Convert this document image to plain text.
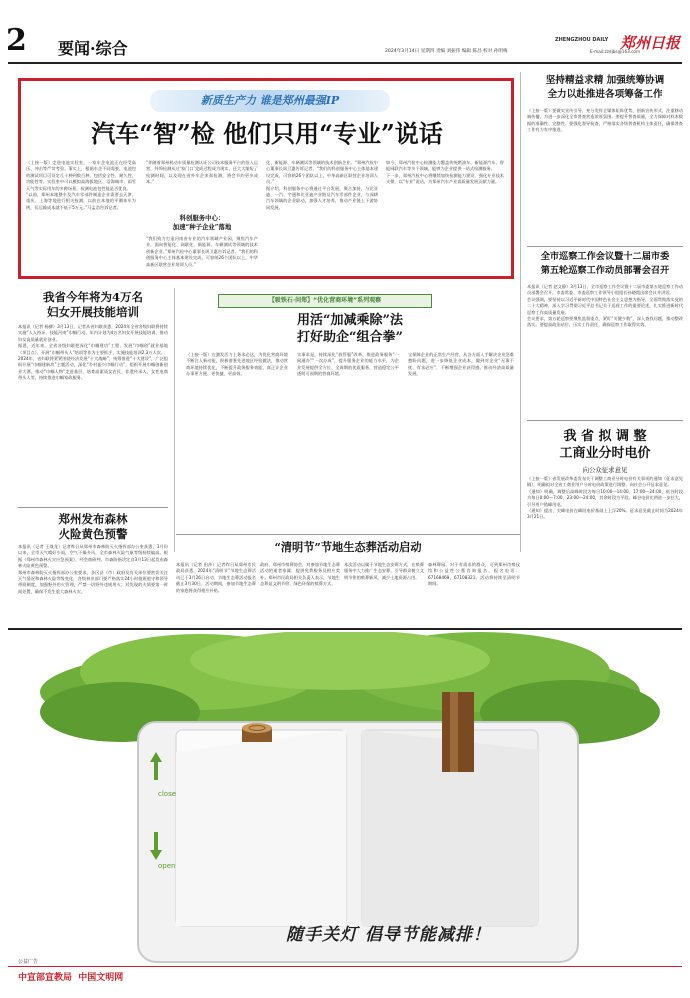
2 要闻·综合	2024年3月14日 星期四 责编 刘振伟 编辑 陈昌 校对 孙明梅
ZHENGZHOU DAILY 郑州日报
E-mail:zzdjbs@163.com
新质生产力 谁是郑州最强IP
汽车“智”检 他们只用“专业”说话
（上接一版）走进电池实验室，一家车企电池正在经受高压、冲击等严苛考验。事实上，根据车企不同需要，电池包的测试项目可设定几十种到数百种，包括安全性、耐久性、功能性等。实验室中可以模拟高海拔地区、沿海城市、雨雪天气等实际用车的多种场景，检测电池包性能是否优良。
“以前，郑州本地整车及汽车零部件制造企业需要去天津、重庆、上海等地进行相关检测，以前在本地的平潮来车为例，仅运输成本就不低于5万元。”马孟浩告诉记者。
“伴随着郑州机动车质量检测认证公司技术服务平台的投入运营，外埠检测从过‘家门口’完成过程成为现实，还大大缩短了检测时间，以及现在省外车企来郑检测，将会节约更多成本。”
科创服务中心：
加速“种子企业”落地
“我们致力打造河南省专业的汽车领域产业园，聚焦汽车产业，面向智能化、网联化、新能源，车辆测试等领域的技术创新企业。”郑州汽检中心董事长周卫惠告诉记者。“我们的科创服务中心主体基本建设完成，可容纳26个团队以上，中华高新区联营企业培训人员。”
化、新能源、车辆测试等领域的技术创新企业。“郑州汽检中心董事长周卫惠告诉记者，“我们的科创服务中心主体基本建设完成，可容纳26个团队以上，中华高新区联营企业培训人员。”
据介绍，科创服务中心将通过平台发展，聚合加持，与比亚迪、一汽、宇通和比亚迪产业链及汽车零部件企业，与深耕汽车领域的企业联动，加强人才培养，推动产业链上下游协同发展。
如今，郑州汽检中心检测能力覆盖传统燃油车、新能源汽车、智能网联汽车等多个领域，能够为企业提供一站式检测服务。
下一步，郑州汽检中心将继续加快检测能力建设，强化专业技术支撑，以“专业”说话，为郑州汽车产业高质量发展贡献力量。
坚持精益求精 加强统筹协调
全力以赴推进各项筹备工作
（上接一版）要做实宣传引导，充分发挥全媒体矩阵优势，创新宣传形式，注重移动端传播，为进一步深化全市普查营造浓厚氛围。要提升普查质量，全力保障对样本数据的准确性、完整性。要强化督导检查，严格落实各级普查机构主体责任，确保普查工作有力有序推进。
全市巡察工作会议暨十二届市委
第五轮巡察工作动员部署会召开
本报讯（记者 赵文静）3月13日，全市巡察工作会议暨十二届市委第五轮巡察工作动员部署会召开。市委常委、市委巡察工作领导小组组长孙晓霞出席会议并讲话。
会议强调，要坚持以习近平新时代中国特色社会主义思想为指导，全面贯彻落实党的二十大精神，深入学习贯彻习近平总书记关于巡视工作的重要论述，扎实推进新时代巡察工作高质量发展。
会议要求，第五轮巡察要聚焦监督重点，紧盯“关键少数”，深入查找问题，推动整改落实。要提高政治站位，压实工作责任，确保巡察工作取得实效。
我 省 拟 调 整
工商业分时电价
向公众征求意见
（上接一版）省发展改革委发布关于调整工商业分时电价有关事项的通知（征求意见稿），明确拟对全省工商业用户分时电价政策进行调整，向社会公开征求意见。
《通知》明确，调整后高峰时段为每日10:00—14:00、17:00—24:00，低谷时段为每日0:00—7:00、23:00—24:00，其余时段为平段。峰谷电价比例进一步拉大，引导用户错峰用电。
《通知》提出，尖峰电价在峰段电价基础上上浮20%。征求意见截止时间为2024年3月21日。
我省今年将为4万名
妇女开展技能培训
本报讯（记者 杨柳）3月13日，记者从省妇联获悉，2024年全省各级妇联将持续实施“人人持证、技能河南”巾帼行动，年内计划为4万名妇女开展技能培训，推动妇女高质量就业创业。
据悉，近年来，全省各级妇联把深化“巾帼建功”工程、发展“巾帼创”就业基地（项目点）、开展“巾帼带头人”培训等作为主要抓手，实施技能培训2.3万人次。
2024年，省妇联将紧紧围绕经济发展“十大战略”，统筹推进“十大建设”，广泛组织开展“巾帼建新功”主题活动，深化“乡村振兴巾帼行动”，组织开展巾帼创新创业大赛，推动“巾帼人物”走进基层，培育高素质女农民、非遗传承人、女性电商带头人等，持续推进巾帼家政服务。
郑州发布森林
火险黄色预警
本报讯（记者 王战龙）记者昨日从郑州市森林防灭火指挥部办公室获悉，3月份以来，全市天气晴好少雨，空气干燥多风，全市森林火险气象等级持续偏高。根据《郑州市森林火灾应急预案》，经会商研判，市森防指决定自3月13日起发布森林火险黄色预警。
郑州市森林防灭火指挥部办公室要求，各区县（市）政府及有关单位要密切关注天气情况和森林火险等级变化，各级林业部门要严格落实24小时值班值守和领导带班制度，加强野外用火管理，严禁一切野外违规用火；对发现的火情要第一时间处置，确保不发生重大森林火灾。
【吸铁石·问郑】“优化营商环境”系列观察
用活“加减乘除”法
打好助企“组合拳”
（上接一版）在激发活力上务求必达，为优化营商环境不断注入新动能，积极借鉴先进地区经验做法，推动营商环境持续优化，不断提升政务服务效能，真正让企业办事更方便、更快捷、更高效。
实事求是，持续深化“放管服”改革，推进政务服务“一网通办”“一次办成”，提升服务企业的能力水平，为企业发展提供全方位、全周期的优质服务，营造稳定公平透明可预期的营商环境。
宝保障企业的正常生产经营，从各方面入手解决企业急难愁盼问题，进一步降低企业成本，做到对企业“无事不扰、有求必应”，不断增强企业获得感，推动经济高质量发展。
“清明节”节地生态葬活动启动
本报讯（记者 田莎）记者昨日从郑州市民政局获悉，2024年“清明节”节地生态葬活动已于3月26日启动，节地生态葬活动报名截止3月30日。活动期间，参加节地生态葬的家庭将获得相应补贴。
政府、郑州市殡葬协会，对参加节地生态葬活动的逝者家属，提供免费服务及相应奖补。郑州市民政局相关负责人表示，节地生态葬是文明节俭、绿色环保的殡葬方式。
本次活动以属于节地生态安葬方式，在殡葬服务中大力推广生态安葬，引导群众树立文明节俭的殡葬新风，减少土地资源占用。
森林葬园，对于有需求的群众，可到郑州市殡仪馆和公益性公墓咨询报名，报名电话：67168469，67108321。活动将持续至清明节期间。
close
open
随手关灯 倡导节能减排！
公益广告
中宣部宣教局  中国文明网
